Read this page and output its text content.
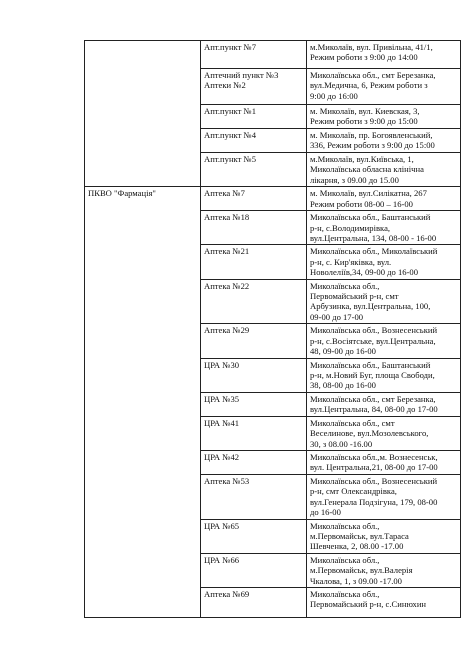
	Апт.пункт №7	м.Миколаїв, вул. Привільна, 41/1,
Режим роботи з 9:00 до 14:00
	Аптечний пункт №3
Аптеки №2	Миколаївська обл., смт Березанка,
вул.Медична, 6, Режим роботи з
9:00 до 16:00
	Апт.пункт №1	м. Миколаїв, вул. Киевская, 3,
Режим роботи з 9:00 до 15:00
	Апт.пункт №4	м. Миколаїв, пр. Богоявленський,
336, Режим роботи з 9:00 до 15:00
	Апт.пункт №5	м.Миколаїв, вул.Київська, 1,
Миколаївська обласна клінічна
лікарня, з 09.00 до 15.00
ПКВО "Фармація"	Аптека №7	м. Миколаїв, вул.Силікатна, 267
Режим роботи 08-00 – 16-00
	Аптека №18	Миколаївська обл., Баштанський
р-н, с.Володимирівка,
вул.Центральна, 134, 08-00 - 16-00
	Аптека №21	Миколаївська обл., Миколаївський
р-н, с. Кир'яківка, вул.
Новолеліїв,34, 09-00 до 16-00
	Аптека №22	Миколаївська обл.,
Первомайський р-н, смт
Арбузинка, вул.Центральна, 100,
09-00 до 17-00
	Аптека №29	Миколаївська обл., Вознесенський
р-н, с.Восіятське, вул.Центральна,
48, 09-00 до 16-00
	ЦРА №30	Миколаївська обл., Баштанський
р-н, м.Новий Буг, площа Свободи,
38, 08-00 до 16-00
	ЦРА №35	Миколаївська обл., смт Березанка,
вул.Центральна, 84, 08-00 до 17-00
	ЦРА №41	Миколаївська обл., смт
Веселинове, вул.Мозолевського,
30, з 08.00 -16.00
	ЦРА №42	Миколаївська обл.,м. Вознесенськ,
вул. Центральна,21, 08-00 до 17-00
	Аптека №53	Миколаївська обл., Вознесенський
р-н, смт Олександрівка,
вул.Генерала Подзігуна, 179, 08-00
до 16-00
	ЦРА №65	Миколаївська обл.,
м.Первомайськ, вул.Тараса
Шевченка, 2, 08.00 -17.00
	ЦРА №66	Миколаївська обл.,
м.Первомайськ, вул.Валерія
Чкалова, 1, з 09.00 -17.00
	Аптека №69	Миколаївська обл.,
Первомайський р-н, с.Синюхин
